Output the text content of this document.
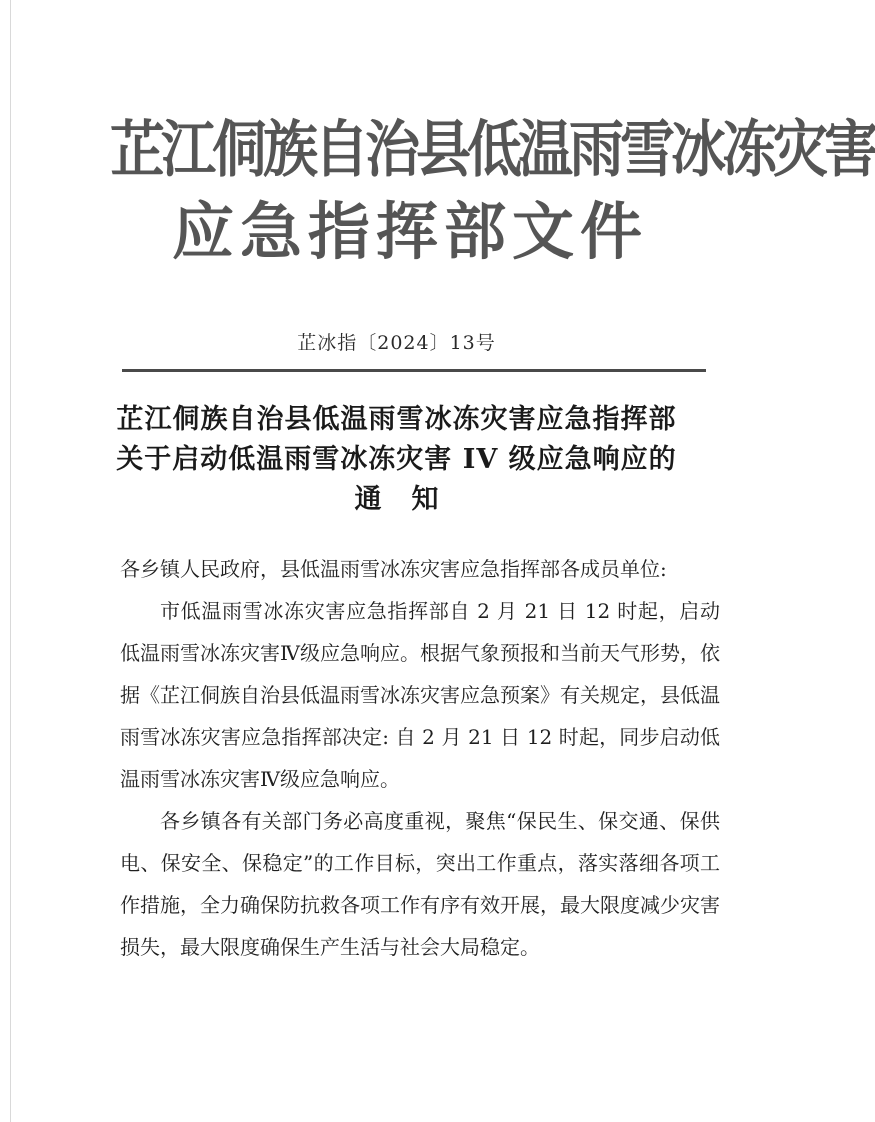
芷江侗族自治县低温雨雪冰冻灾害
应急指挥部文件
芷冰指〔2024〕13号
芷江侗族自治县低温雨雪冰冻灾害应急指挥部
关于启动低温雨雪冰冻灾害 IV 级应急响应的
通知

各乡镇人民政府，县低温雨雪冰冻灾害应急指挥部各成员单位:

市低温雨雪冰冻灾害应急指挥部自 2 月 21 日 12 时起，启动低温雨雪冰冻灾害Ⅳ级应急响应。根据气象预报和当前天气形势，依据《芷江侗族自治县低温雨雪冰冻灾害应急预案》有关规定，县低温雨雪冰冻灾害应急指挥部决定: 自 2 月 21 日 12 时起，同步启动低温雨雪冰冻灾害Ⅳ级应急响应。

各乡镇各有关部门务必高度重视，聚焦“保民生、保交通、保供电、保安全、保稳定”的工作目标，突出工作重点，落实落细各项工作措施，全力确保防抗救各项工作有序有效开展，最大限度减少灾害损失，最大限度确保生产生活与社会大局稳定。
